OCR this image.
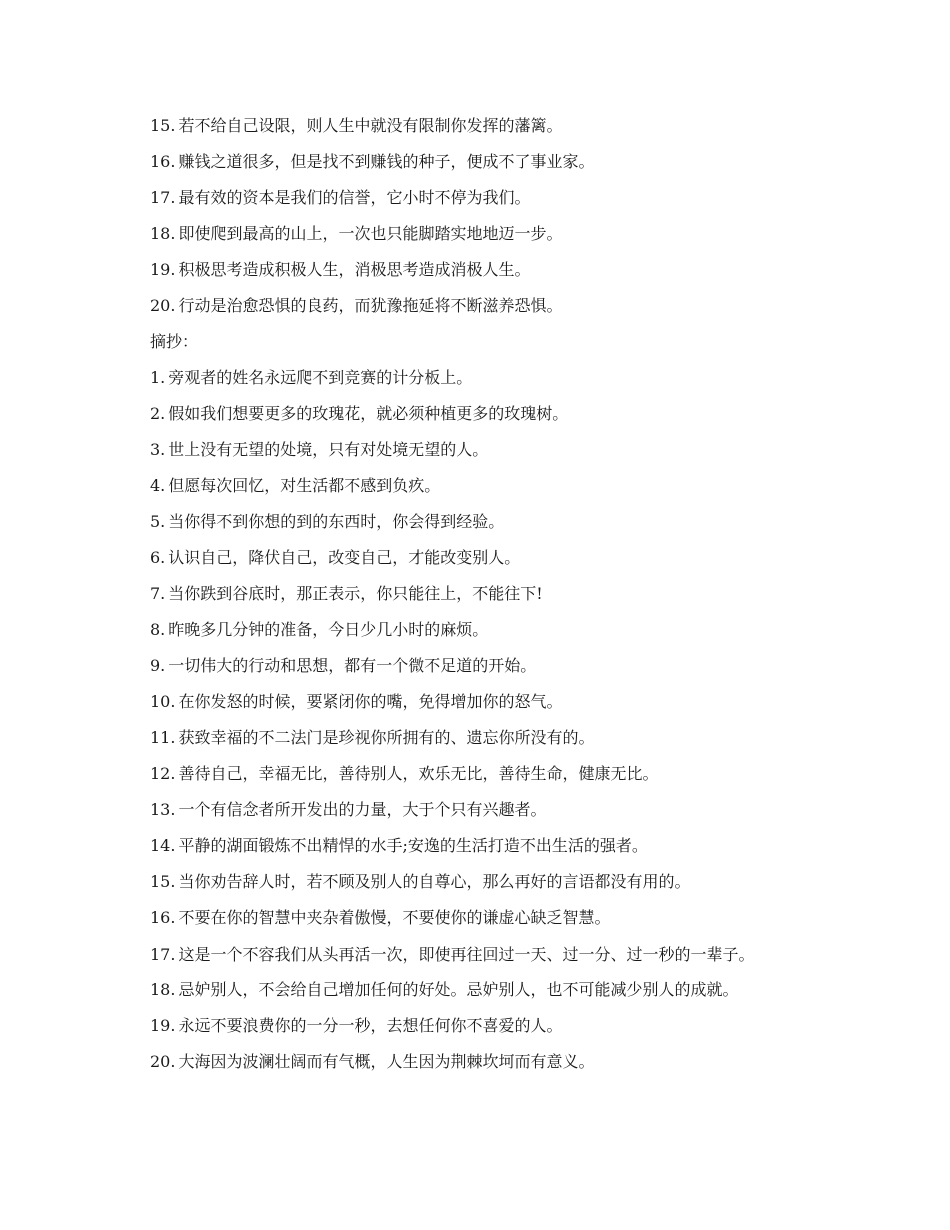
15. 若不给自己设限，则人生中就没有限制你发挥的藩篱。
16. 赚钱之道很多，但是找不到赚钱的种子，便成不了事业家。
17. 最有效的资本是我们的信誉，它小时不停为我们。
18. 即使爬到最高的山上，一次也只能脚踏实地地迈一步。
19. 积极思考造成积极人生，消极思考造成消极人生。
20. 行动是治愈恐惧的良药，而犹豫拖延将不断滋养恐惧。
摘抄：
1. 旁观者的姓名永远爬不到竞赛的计分板上。
2. 假如我们想要更多的玫瑰花，就必须种植更多的玫瑰树。
3. 世上没有无望的处境，只有对处境无望的人。
4. 但愿每次回忆，对生活都不感到负疚。
5. 当你得不到你想的到的东西时，你会得到经验。
6. 认识自己，降伏自己，改变自己，才能改变别人。
7. 当你跌到谷底时，那正表示，你只能往上，不能往下!
8. 昨晚多几分钟的准备，今日少几小时的麻烦。
9. 一切伟大的行动和思想，都有一个微不足道的开始。
10. 在你发怒的时候，要紧闭你的嘴，免得增加你的怒气。
11. 获致幸福的不二法门是珍视你所拥有的、遗忘你所没有的。
12. 善待自己，幸福无比，善待别人，欢乐无比，善待生命，健康无比。
13. 一个有信念者所开发出的力量，大于个只有兴趣者。
14. 平静的湖面锻炼不出精悍的水手;安逸的生活打造不出生活的强者。
15. 当你劝告辞人时，若不顾及别人的自尊心，那么再好的言语都没有用的。
16. 不要在你的智慧中夹杂着傲慢，不要使你的谦虚心缺乏智慧。
17. 这是一个不容我们从头再活一次，即使再往回过一天、过一分、过一秒的一辈子。
18. 忌妒别人，不会给自己增加任何的好处。忌妒别人，也不可能减少别人的成就。
19. 永远不要浪费你的一分一秒，去想任何你不喜爱的人。
20. 大海因为波澜壮阔而有气概，人生因为荆棘坎坷而有意义。
